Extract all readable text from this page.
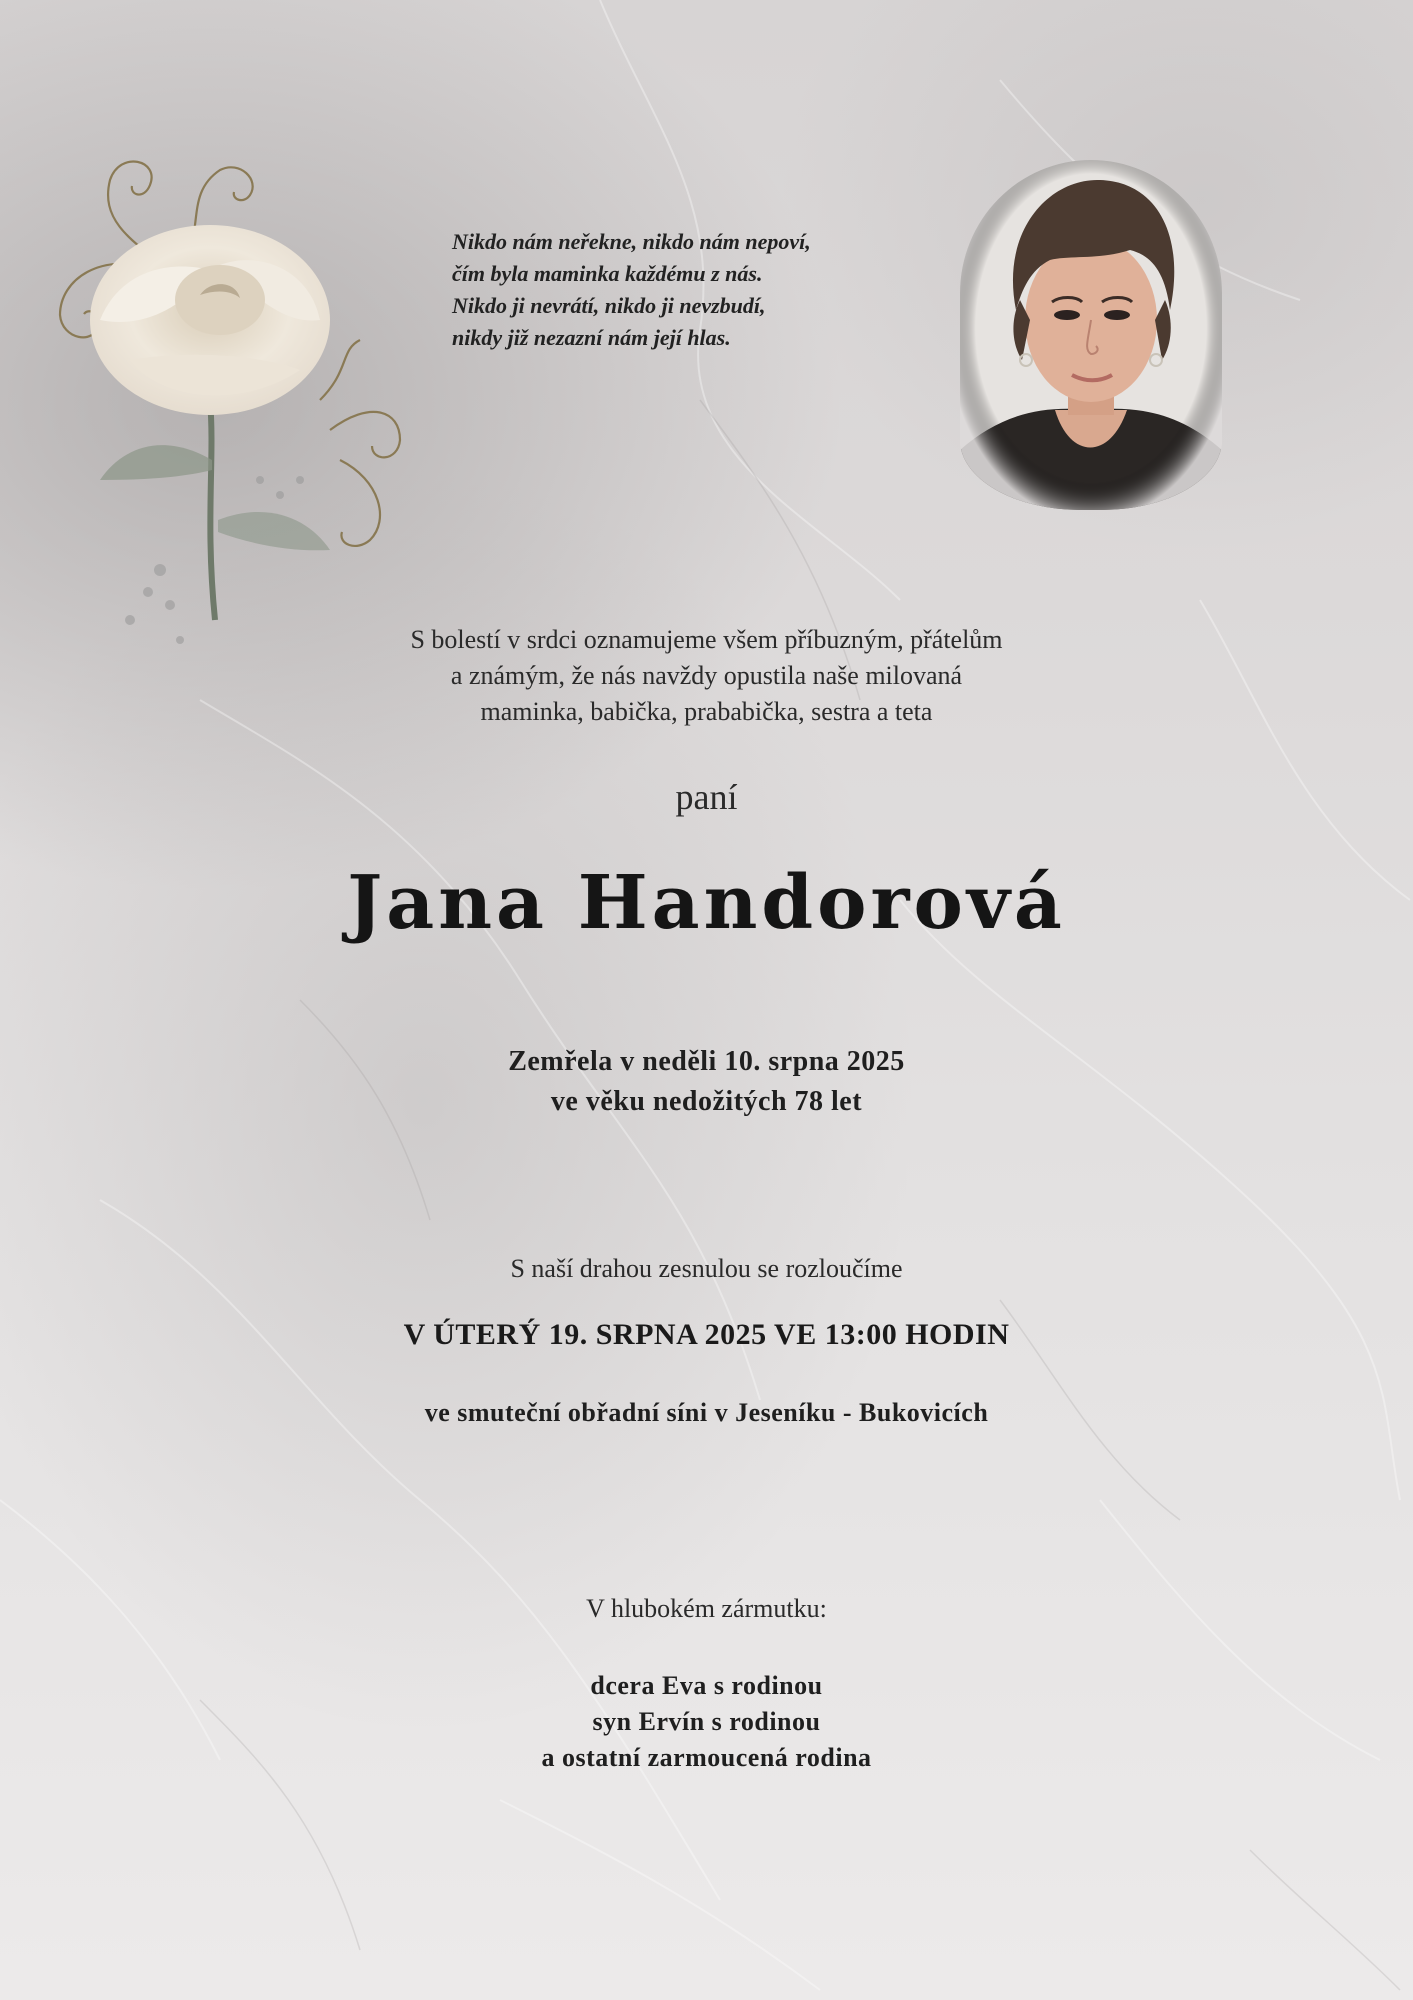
Nikdo nám neřekne, nikdo nám nepoví,
čím byla maminka každému z nás.
Nikdo ji nevrátí, nikdo ji nevzbudí,
nikdy již nezazní nám její hlas.
S bolestí v srdci oznamujeme všem příbuzným, přátelům
a známým, že nás navždy opustila naše milovaná
maminka, babička, prababička, sestra a teta
paní
Jana Handorová
Zemřela v neděli 10. srpna 2025
ve věku nedožitých 78 let
S naší drahou zesnulou se rozloučíme
V ÚTERÝ 19. SRPNA 2025 VE 13:00 HODIN
ve smuteční obřadní síni v Jeseníku - Bukovicích
V hlubokém zármutku:
dcera Eva s rodinou
syn Ervín s rodinou
a ostatní zarmoucená rodina
